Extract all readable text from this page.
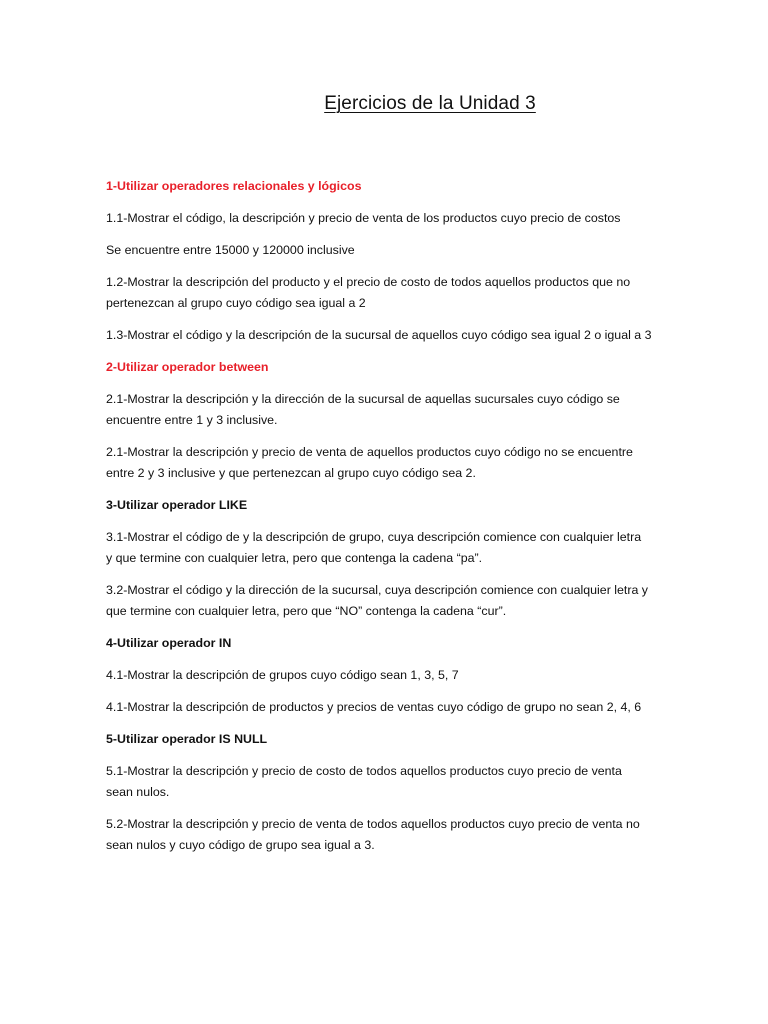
Ejercicios de la Unidad 3
1-Utilizar operadores relacionales y lógicos
1.1-Mostrar el código, la descripción y precio de venta de los productos cuyo precio de costos
Se encuentre entre 15000 y 120000 inclusive
1.2-Mostrar la descripción del producto y el precio de costo de todos aquellos productos que no
pertenezcan al grupo cuyo código sea igual a 2
1.3-Mostrar el código y la descripción de la sucursal de aquellos cuyo código sea igual 2 o igual a 3
2-Utilizar operador between
2.1-Mostrar la descripción y la dirección de la sucursal de aquellas sucursales cuyo código se
encuentre entre 1 y 3 inclusive.
2.1-Mostrar la descripción y precio de venta de aquellos productos cuyo código no se encuentre
entre 2 y 3 inclusive y que pertenezcan al grupo cuyo código sea 2.
3-Utilizar operador LIKE
3.1-Mostrar el código de y la descripción de grupo, cuya descripción comience con cualquier letra
y que termine con cualquier letra, pero que contenga la cadena “pa”.
3.2-Mostrar el código y la dirección de la sucursal, cuya descripción comience con cualquier letra y
que termine con cualquier letra, pero que “NO” contenga la cadena “cur”.
4-Utilizar operador IN
4.1-Mostrar la descripción de grupos cuyo código sean 1, 3, 5, 7
4.1-Mostrar la descripción de productos y precios de ventas cuyo código de grupo no sean 2, 4, 6
5-Utilizar operador IS NULL
5.1-Mostrar la descripción y precio de costo de todos aquellos productos cuyo precio de venta
sean nulos.
5.2-Mostrar la descripción y precio de venta de todos aquellos productos cuyo precio de venta no
sean nulos y cuyo código de grupo sea igual a 3.
